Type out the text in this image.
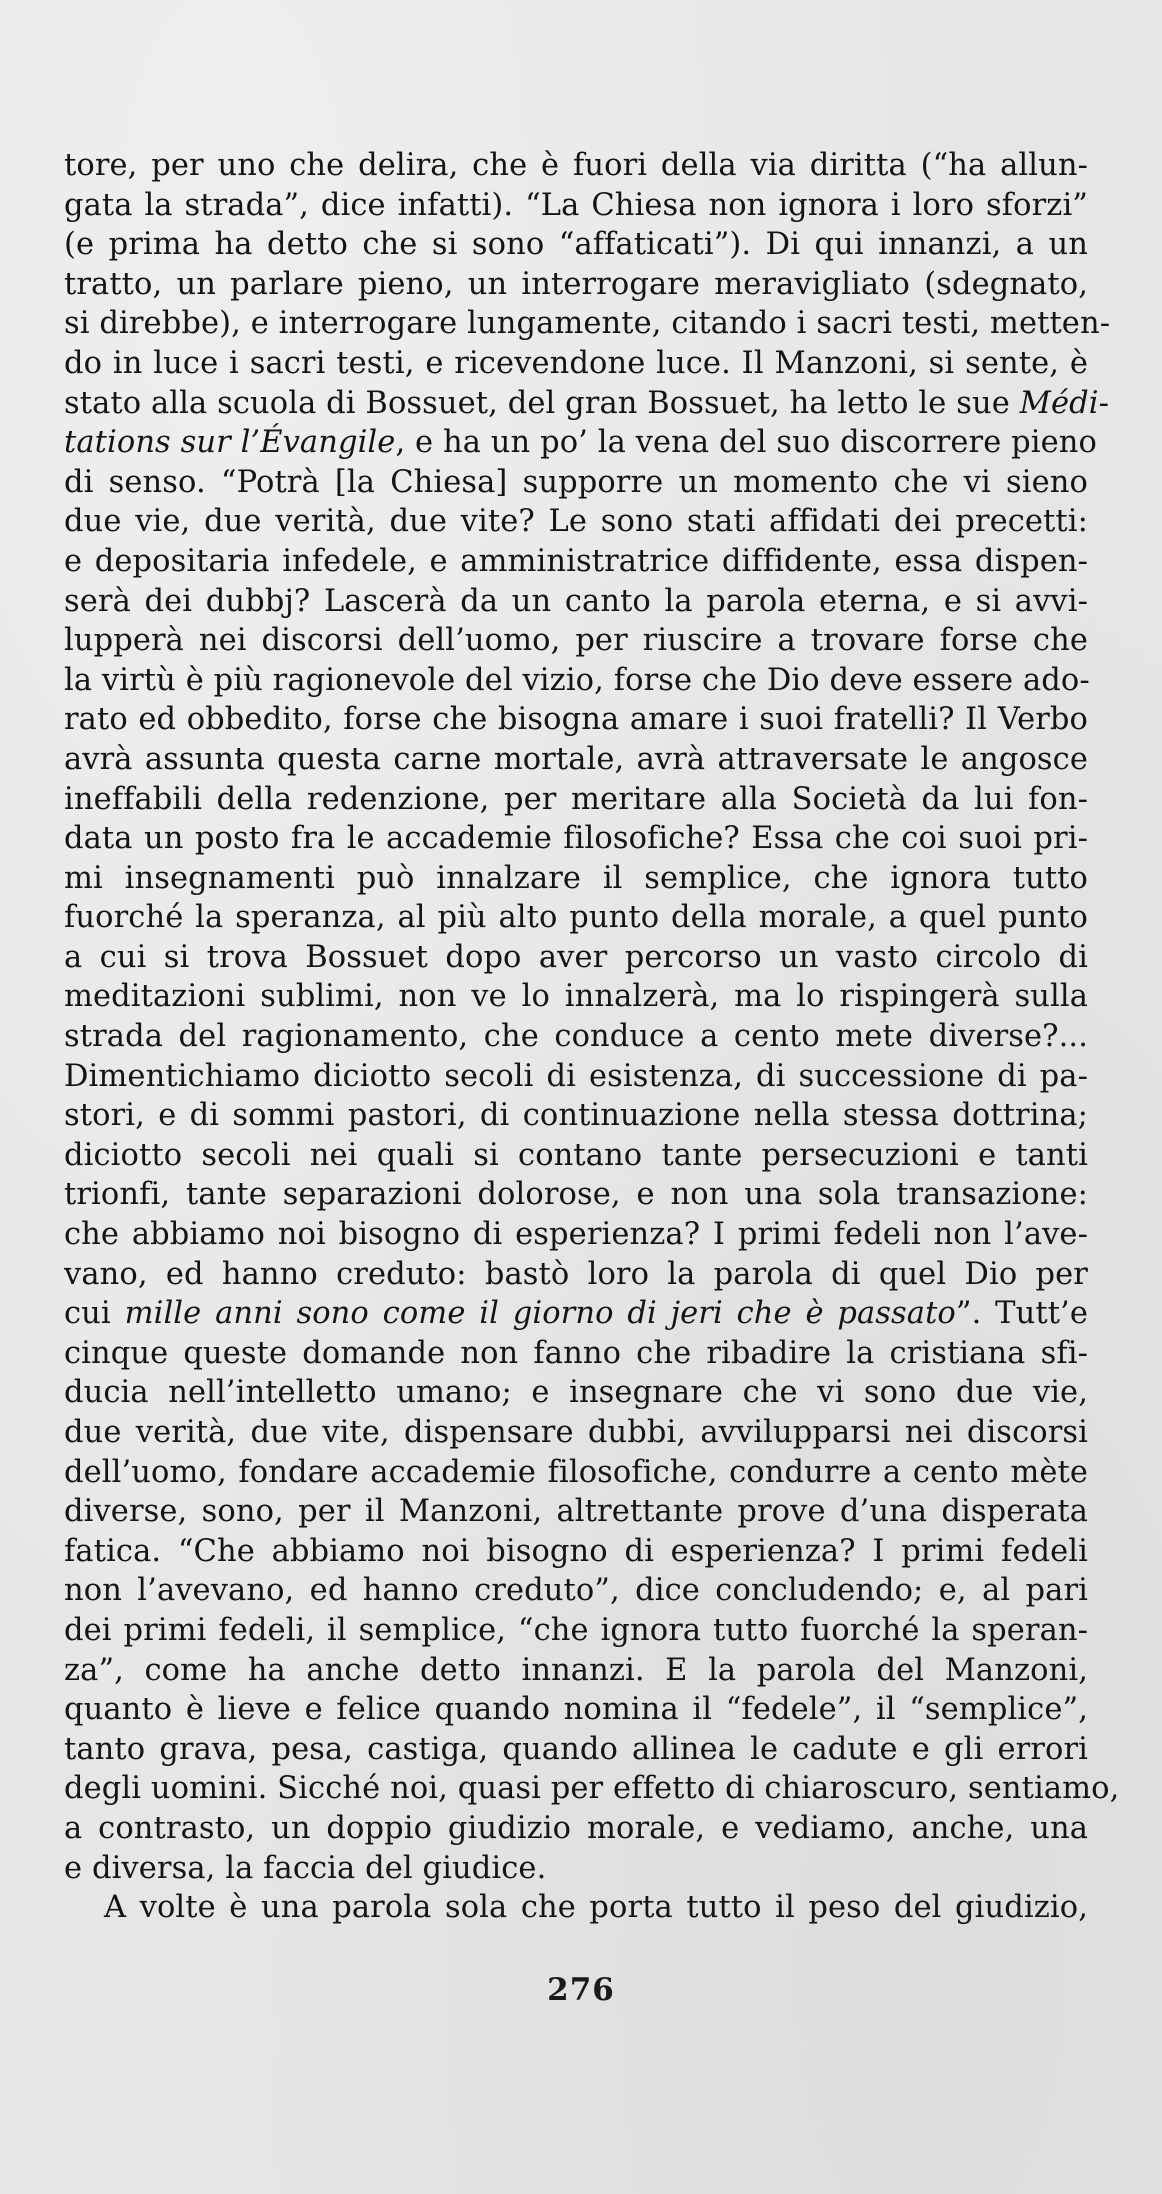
tore, per uno che delira, che è fuori della via diritta (“ha allun-
gata la strada”, dice infatti). “La Chiesa non ignora i loro sforzi”
(e prima ha detto che si sono “affaticati”). Di qui innanzi, a un
tratto, un parlare pieno, un interrogare meravigliato (sdegnato,
si direbbe), e interrogare lungamente, citando i sacri testi, metten-
do in luce i sacri testi, e ricevendone luce. Il Manzoni, si sente, è
stato alla scuola di Bossuet, del gran Bossuet, ha letto le sue Médi-
tations sur l’Évangile, e ha un po’ la vena del suo discorrere pieno
di senso. “Potrà [la Chiesa] supporre un momento che vi sieno
due vie, due verità, due vite? Le sono stati affidati dei precetti:
e depositaria infedele, e amministratrice diffidente, essa dispen-
serà dei dubbj? Lascerà da un canto la parola eterna, e si avvi-
lupperà nei discorsi dell’uomo, per riuscire a trovare forse che
la virtù è più ragionevole del vizio, forse che Dio deve essere ado-
rato ed obbedito, forse che bisogna amare i suoi fratelli? Il Verbo
avrà assunta questa carne mortale, avrà attraversate le angosce
ineffabili della redenzione, per meritare alla Società da lui fon-
data un posto fra le accademie filosofiche? Essa che coi suoi pri-
mi insegnamenti può innalzare il semplice, che ignora tutto
fuorché la speranza, al più alto punto della morale, a quel punto
a cui si trova Bossuet dopo aver percorso un vasto circolo di
meditazioni sublimi, non ve lo innalzerà, ma lo rispingerà sulla
strada del ragionamento, che conduce a cento mete diverse?...
Dimentichiamo diciotto secoli di esistenza, di successione di pa-
stori, e di sommi pastori, di continuazione nella stessa dottrina;
diciotto secoli nei quali si contano tante persecuzioni e tanti
trionfi, tante separazioni dolorose, e non una sola transazione:
che abbiamo noi bisogno di esperienza? I primi fedeli non l’ave-
vano, ed hanno creduto: bastò loro la parola di quel Dio per
cui mille anni sono come il giorno di jeri che è passato”. Tutt’e
cinque queste domande non fanno che ribadire la cristiana sfi-
ducia nell’intelletto umano; e insegnare che vi sono due vie,
due verità, due vite, dispensare dubbi, avvilupparsi nei discorsi
dell’uomo, fondare accademie filosofiche, condurre a cento mète
diverse, sono, per il Manzoni, altrettante prove d’una disperata
fatica. “Che abbiamo noi bisogno di esperienza? I primi fedeli
non l’avevano, ed hanno creduto”, dice concludendo; e, al pari
dei primi fedeli, il semplice, “che ignora tutto fuorché la speran-
za”, come ha anche detto innanzi. E la parola del Manzoni,
quanto è lieve e felice quando nomina il “fedele”, il “semplice”,
tanto grava, pesa, castiga, quando allinea le cadute e gli errori
degli uomini. Sicché noi, quasi per effetto di chiaroscuro, sentiamo,
a contrasto, un doppio giudizio morale, e vediamo, anche, una
e diversa, la faccia del giudice.
A volte è una parola sola che porta tutto il peso del giudizio,
276
